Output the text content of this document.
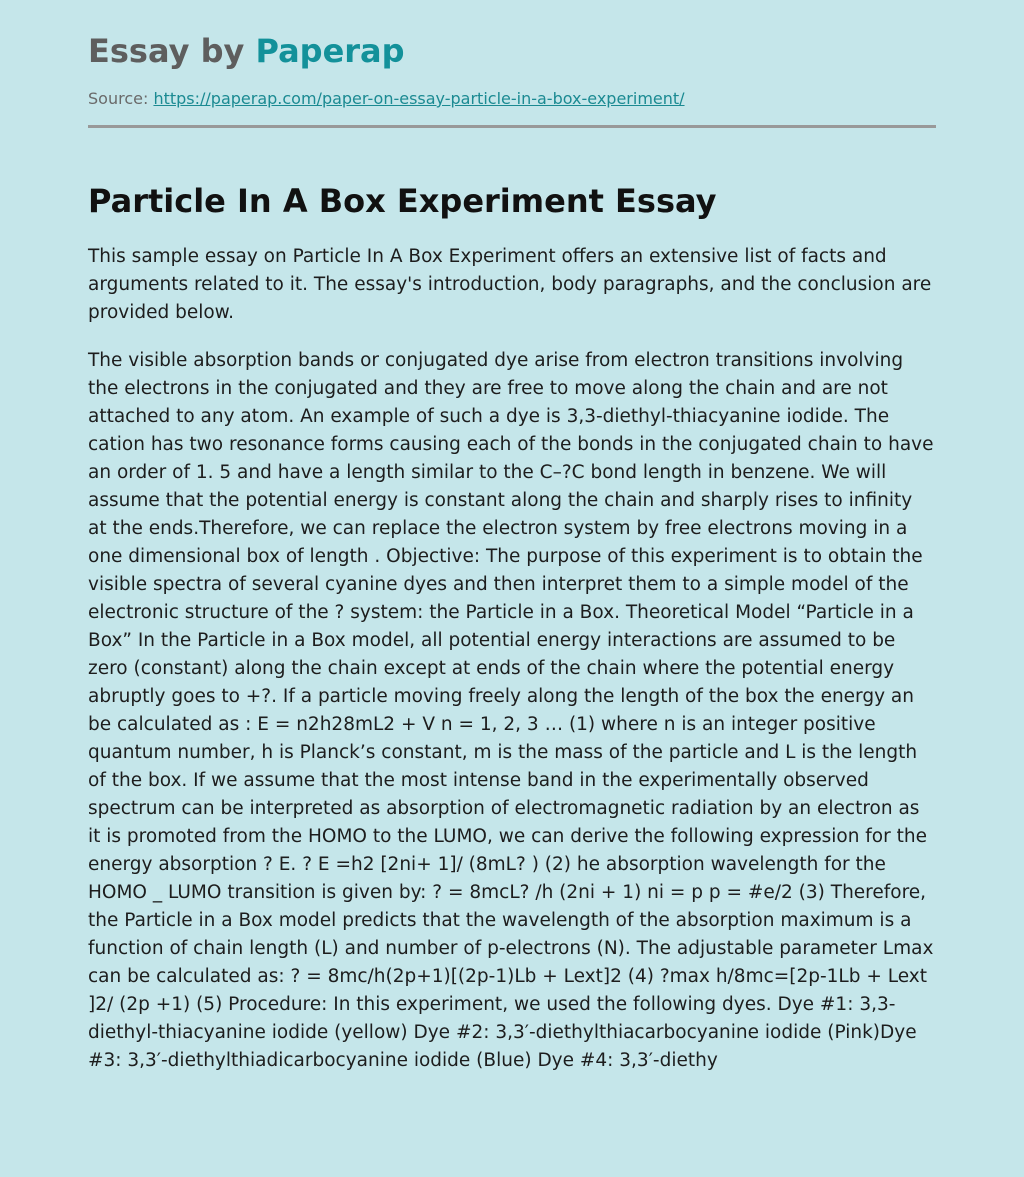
Essay by Paperap
Source: https://paperap.com/paper-on-essay-particle-in-a-box-experiment/
Particle In A Box Experiment Essay

This sample essay on Particle In A Box Experiment offers an extensive list of facts and arguments related to it. The essay's introduction, body paragraphs, and the conclusion are provided below.

The visible absorption bands or conjugated dye arise from electron transitions involving the electrons in the conjugated and they are free to move along the chain and are not attached to any atom. An example of such a dye is 3,3-diethyl-thiacyanine iodide. The cation has two resonance forms causing each of the bonds in the conjugated chain to have an order of 1. 5 and have a length similar to the C–?C bond length in benzene. We will assume that the potential energy is constant along the chain and sharply rises to infinity at the ends.Therefore, we can replace the electron system by free electrons moving in a one dimensional box of length . Objective: The purpose of this experiment is to obtain the visible spectra of several cyanine dyes and then interpret them to a simple model of the electronic structure of the ? system: the Particle in a Box. Theoretical Model “Particle in a Box” In the Particle in a Box model, all potential energy interactions are assumed to be zero (constant) along the chain except at ends of the chain where the potential energy abruptly goes to +?. If a particle moving freely along the length of the box the energy an be calculated as : E = n2h28mL2 + V n = 1, 2, 3 … (1) where n is an integer positive quantum number, h is Planck’s constant, m is the mass of the particle and L is the length of the box. If we assume that the most intense band in the experimentally observed spectrum can be interpreted as absorption of electromagnetic radiation by an electron as it is promoted from the HOMO to the LUMO, we can derive the following expression for the energy absorption ? E. ? E =h2 [2ni+ 1]/ (8mL? ) (2) he absorption wavelength for the HOMO _ LUMO transition is given by: ? = 8mcL? /h (2ni + 1) ni = p p = #e/2 (3) Therefore, the Particle in a Box model predicts that the wavelength of the absorption maximum is a function of chain length (L) and number of p-electrons (N). The adjustable parameter Lmax can be calculated as: ? = 8mc/h(2p+1)[(2p-1)Lb + Lext]2 (4) ?max h/8mc=[2p-1Lb + Lext ]2/ (2p +1) (5) Procedure: In this experiment, we used the following dyes. Dye #1: 3,3-diethyl-thiacyanine iodide (yellow) Dye #2: 3,3′-diethylthiacarbocyanine iodide (Pink)Dye #3: 3,3′-diethylthiadicarbocyanine iodide (Blue) Dye #4: 3,3′-diethy
